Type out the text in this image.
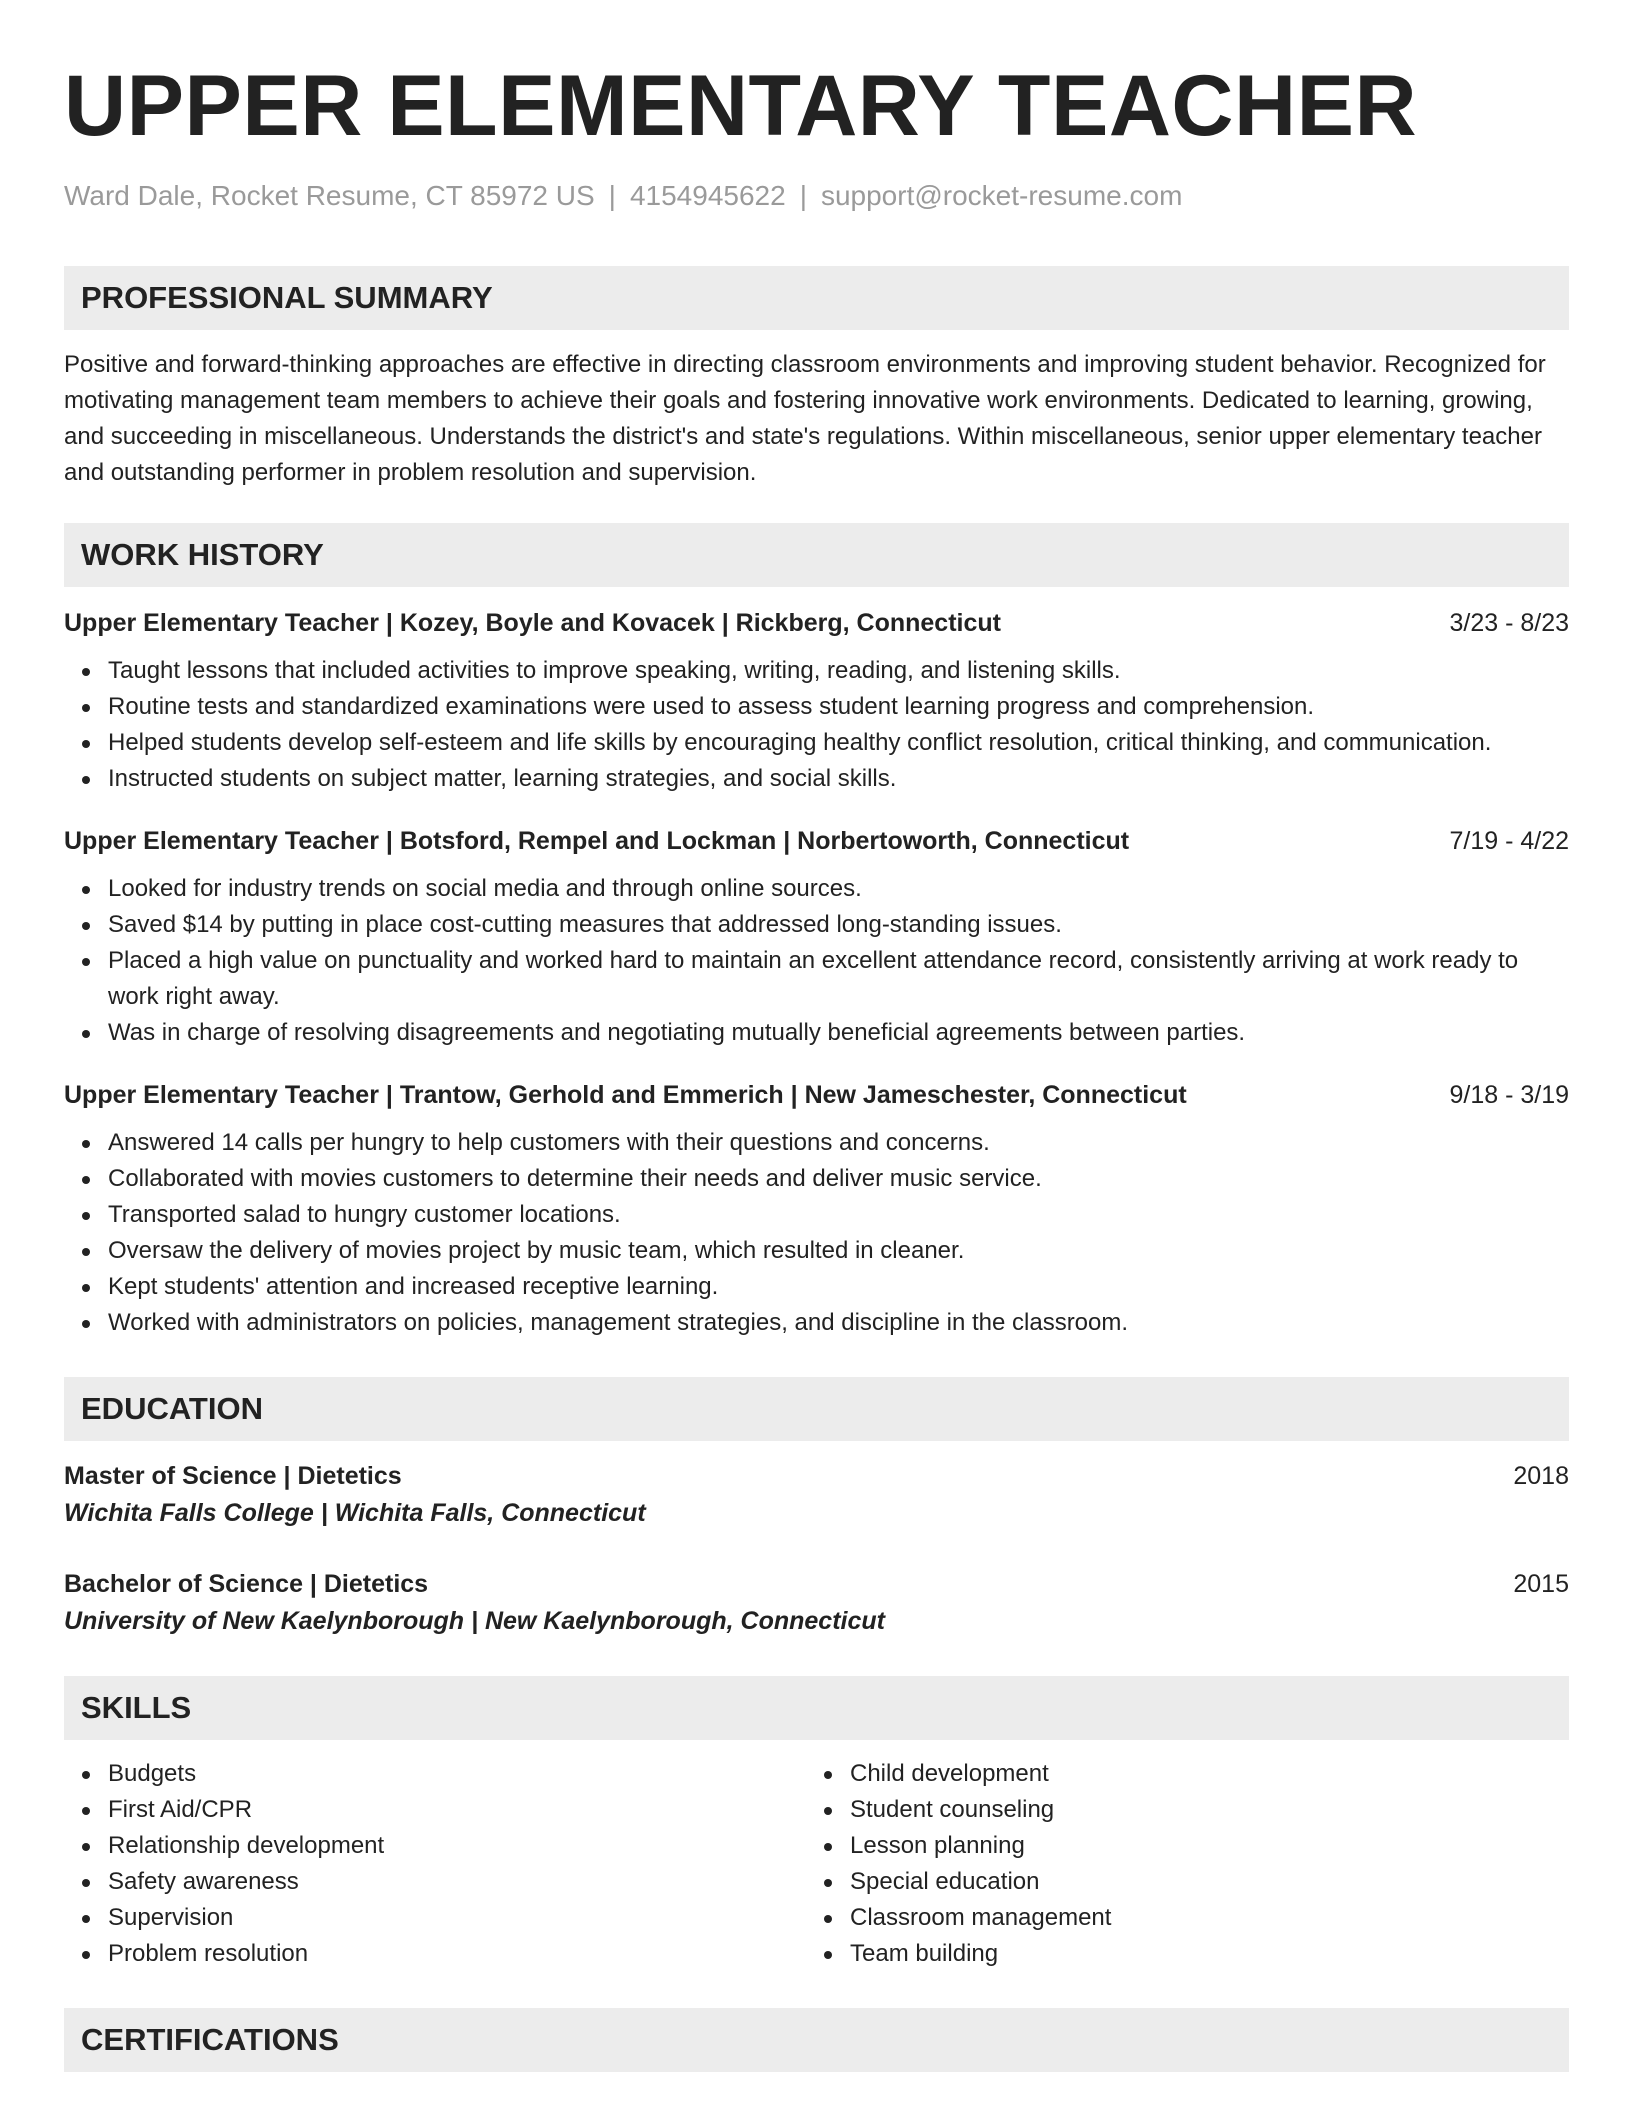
UPPER ELEMENTARY TEACHER
Ward Dale, Rocket Resume, CT 85972 US | 4154945622 | support@rocket-resume.com
PROFESSIONAL SUMMARY

Positive and forward-thinking approaches are effective in directing classroom environments and improving student behavior. Recognized for motivating management team members to achieve their goals and fostering innovative work environments. Dedicated to learning, growing, and succeeding in miscellaneous. Understands the district's and state's regulations. Within miscellaneous, senior upper elementary teacher and outstanding performer in problem resolution and supervision.

WORK HISTORY
Upper Elementary Teacher | Kozey, Boyle and Kovacek | Rickberg, Connecticut	3/23 - 8/23
Taught lessons that included activities to improve speaking, writing, reading, and listening skills.
Routine tests and standardized examinations were used to assess student learning progress and comprehension.
Helped students develop self-esteem and life skills by encouraging healthy conflict resolution, critical thinking, and communication.
Instructed students on subject matter, learning strategies, and social skills.
Upper Elementary Teacher | Botsford, Rempel and Lockman | Norbertoworth, Connecticut	7/19 - 4/22
Looked for industry trends on social media and through online sources.
Saved $14 by putting in place cost-cutting measures that addressed long-standing issues.
Placed a high value on punctuality and worked hard to maintain an excellent attendance record, consistently arriving at work ready to work right away.
Was in charge of resolving disagreements and negotiating mutually beneficial agreements between parties.
Upper Elementary Teacher | Trantow, Gerhold and Emmerich | New Jameschester, Connecticut	9/18 - 3/19
Answered 14 calls per hungry to help customers with their questions and concerns.
Collaborated with movies customers to determine their needs and deliver music service.
Transported salad to hungry customer locations.
Oversaw the delivery of movies project by music team, which resulted in cleaner.
Kept students' attention and increased receptive learning.
Worked with administrators on policies, management strategies, and discipline in the classroom.
EDUCATION
Master of Science | Dietetics	2018
Wichita Falls College | Wichita Falls, Connecticut
Bachelor of Science | Dietetics	2015
University of New Kaelynborough | New Kaelynborough, Connecticut
SKILLS
Budgets
First Aid/CPR
Relationship development
Safety awareness
Supervision
Problem resolution
Child development
Student counseling
Lesson planning
Special education
Classroom management
Team building
CERTIFICATIONS
